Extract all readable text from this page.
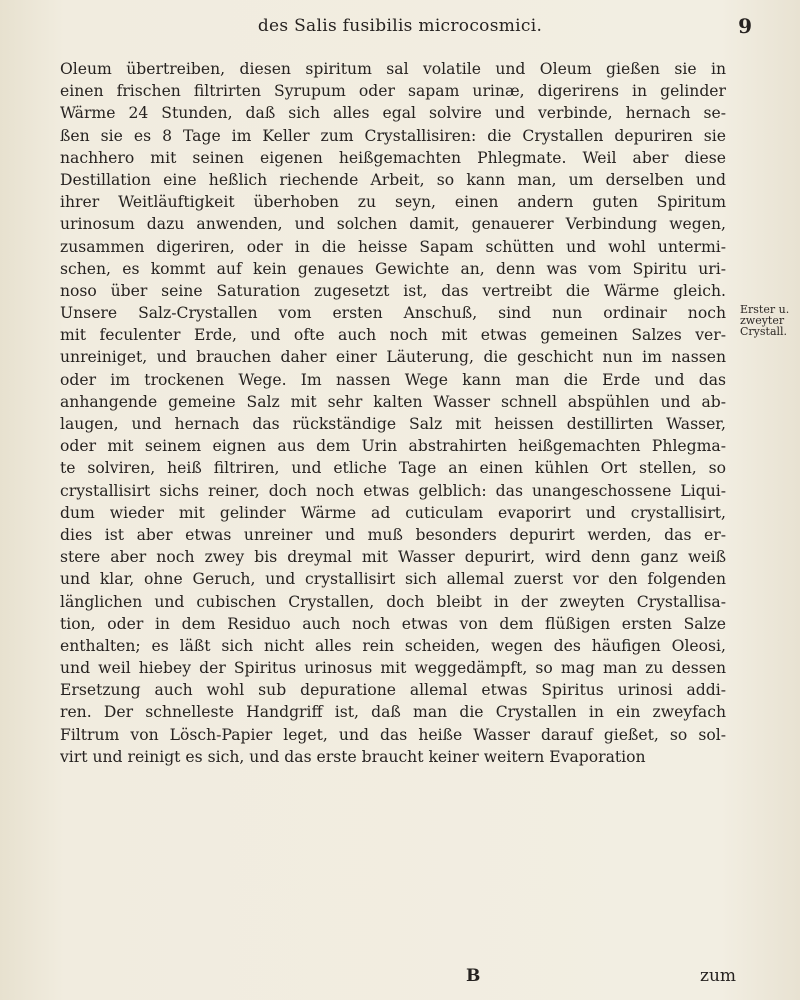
des Salis fusibilis microcosmici.	9
Oleum übertreiben, diesen spiritum sal volatile und Oleum gießen sie in
einen frischen filtrirten Syrupum oder sapam urinæ, digerirens in gelinder
Wärme 24 Stunden, daß sich alles egal solvire und verbinde, hernach se-
ßen sie es 8 Tage im Keller zum Crystallisiren: die Crystallen depuriren sie
nachhero mit seinen eigenen heißgemachten Phlegmate. Weil aber diese
Destillation eine heßlich riechende Arbeit, so kann man, um derselben und
ihrer Weitläuftigkeit überhoben zu seyn, einen andern guten Spiritum
urinosum dazu anwenden, und solchen damit, genauerer Verbindung wegen,
zusammen digeriren, oder in die heisse Sapam schütten und wohl untermi-
schen, es kommt auf kein genaues Gewichte an, denn was vom Spiritu uri-
noso über seine Saturation zugesetzt ist, das vertreibt die Wärme gleich.
Unsere Salz-Crystallen vom ersten Anschuß, sind nun ordinair noch
mit feculenter Erde, und ofte auch noch mit etwas gemeinen Salzes ver-
unreiniget, und brauchen daher einer Läuterung, die geschicht nun im nassen
oder im trockenen Wege. Im nassen Wege kann man die Erde und das
anhangende gemeine Salz mit sehr kalten Wasser schnell abspühlen und ab-
laugen, und hernach das rückständige Salz mit heissen destillirten Wasser,
oder mit seinem eignen aus dem Urin abstrahirten heißgemachten Phlegma-
te solviren, heiß filtriren, und etliche Tage an einen kühlen Ort stellen, so
crystallisirt sichs reiner, doch noch etwas gelblich: das unangeschossene Liqui-
dum wieder mit gelinder Wärme ad cuticulam evaporirt und crystallisirt,
dies ist aber etwas unreiner und muß besonders depurirt werden, das er-
stere aber noch zwey bis dreymal mit Wasser depurirt, wird denn ganz weiß
und klar, ohne Geruch, und crystallisirt sich allemal zuerst vor den folgenden
länglichen und cubischen Crystallen, doch bleibt in der zweyten Crystallisa-
tion, oder in dem Residuo auch noch etwas von dem flüßigen ersten Salze
enthalten; es läßt sich nicht alles rein scheiden, wegen des häufigen Oleosi,
und weil hiebey der Spiritus urinosus mit weggedämpft, so mag man zu dessen
Ersetzung auch wohl sub depuratione allemal etwas Spiritus urinosi addi-
ren. Der schnelleste Handgriff ist, daß man die Crystallen in ein zweyfach
Filtrum von Lösch-Papier leget, und das heiße Wasser darauf gießet, so sol-
virt und reinigt es sich, und das erste braucht keiner weitern Evaporation
Erster u.
zweyter
Crystall.
B	zum
